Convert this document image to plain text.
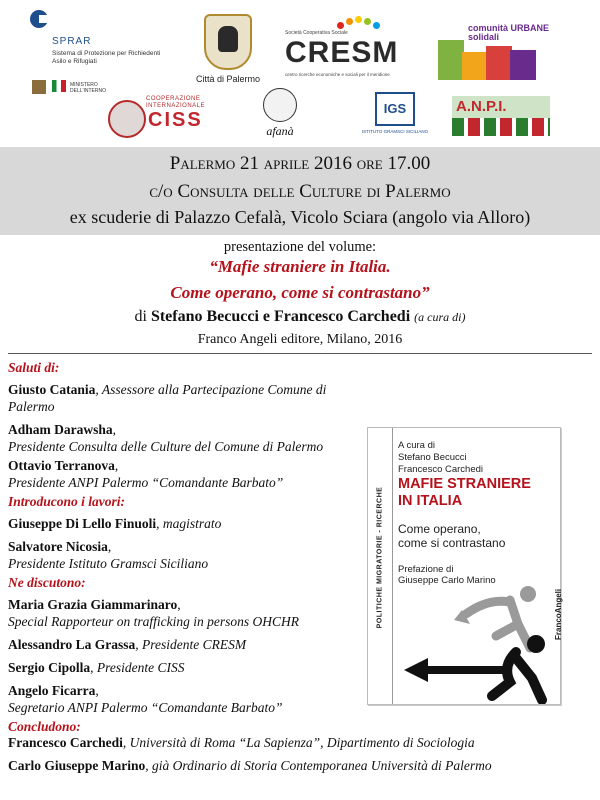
SPRAR
Sistema di Protezione per Richiedenti Asilo e Rifugiati
MINISTERO DELL'INTERNO
Città di Palermo
Società Cooperativa Sociale
CRESM
centro ricerche economiche e sociali per il meridione
comunità URBANE solidali
COOPERAZIONE INTERNAZIONALE
CISS	afanà
IGS
ISTITUTO GRAMSCI SICILIANO
A.N.P.I.
Palermo 21 aprile 2016 ore 17.00
c/o Consulta delle Culture di Palermo
ex scuderie di Palazzo Cefalà, Vicolo Sciara (angolo via Alloro)
presentazione del volume:
“Mafie straniere in Italia.
Come operano, come si contrastano”
di Stefano Becucci e Francesco Carchedi (a cura di)
Franco Angeli editore, Milano, 2016
Saluti di:
Giusto Catania, Assessore alla Partecipazione Comune di Palermo
Adham Darawsha,
Presidente Consulta delle Culture del Comune di Palermo
Ottavio Terranova,
Presidente ANPI Palermo “Comandante Barbato”
Introducono i lavori:
Giuseppe Di Lello Finuoli, magistrato
Salvatore Nicosia,
Presidente Istituto Gramsci Siciliano
Ne discutono:
Maria Grazia Giammarinaro,
Special Rapporteur on trafficking in persons OHCHR
Alessandro La Grassa, Presidente CRESM
Sergio Cipolla, Presidente CISS
Angelo Ficarra,
Segretario ANPI Palermo “Comandante Barbato”
Concludono:
Francesco Carchedi, Università di Roma “La Sapienza”, Dipartimento di Sociologia
Carlo Giuseppe Marino, già Ordinario di Storia Contemporanea Università di Palermo
POLITICHE MIGRATORIE - RICERCHE
A cura di
Stefano Becucci
Francesco Carchedi
MAFIE STRANIERE
IN ITALIA
Come operano,
come si contrastano
Prefazione di
Giuseppe Carlo Marino
FrancoAngeli
